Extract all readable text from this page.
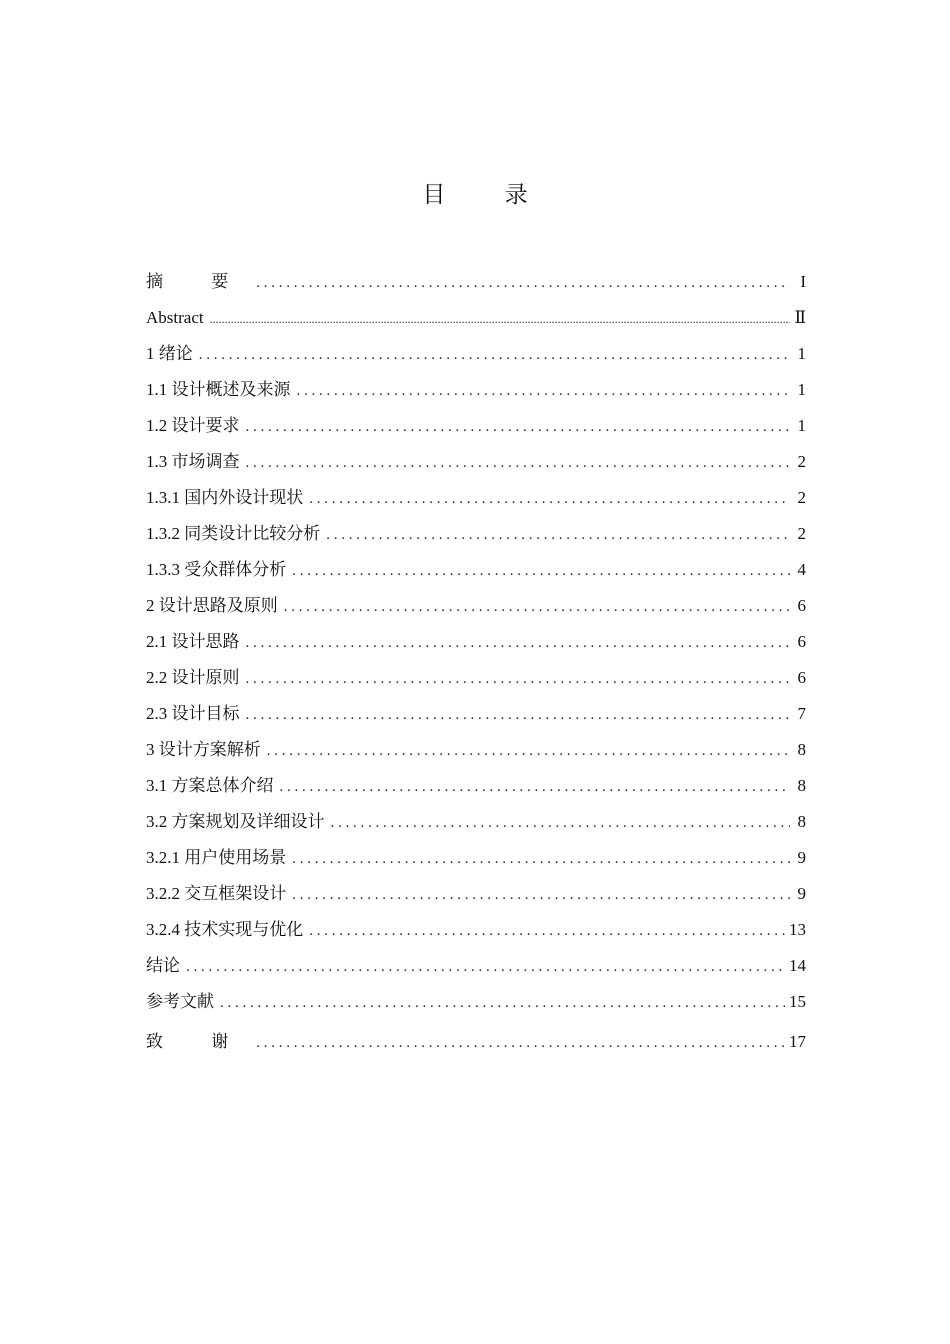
目 录
摘 要 . . .	I
Abstract .....	Ⅱ
1 绪论 . . .	1
1.1 设计概述及来源 . . .	1
1.2 设计要求 . . .	1
1.3 市场调查 . . .	2
1.3.1 国内外设计现状 . . .	2
1.3.2 同类设计比较分析 . . .	2
1.3.3 受众群体分析 . . .	4
2 设计思路及原则 . . .	6
2.1 设计思路 . . .	6
2.2 设计原则 . . .	6
2.3 设计目标 . . .	7
3 设计方案解析 . . .	8
3.1 方案总体介绍 . . .	8
3.2 方案规划及详细设计 . . .	8
3.2.1 用户使用场景 . . .	9
3.2.2 交互框架设计 . . .	9
3.2.4 技术实现与优化 . . .	13
结论 . . .	14
参考文献 . . .	15
致 谢 . . .	17
